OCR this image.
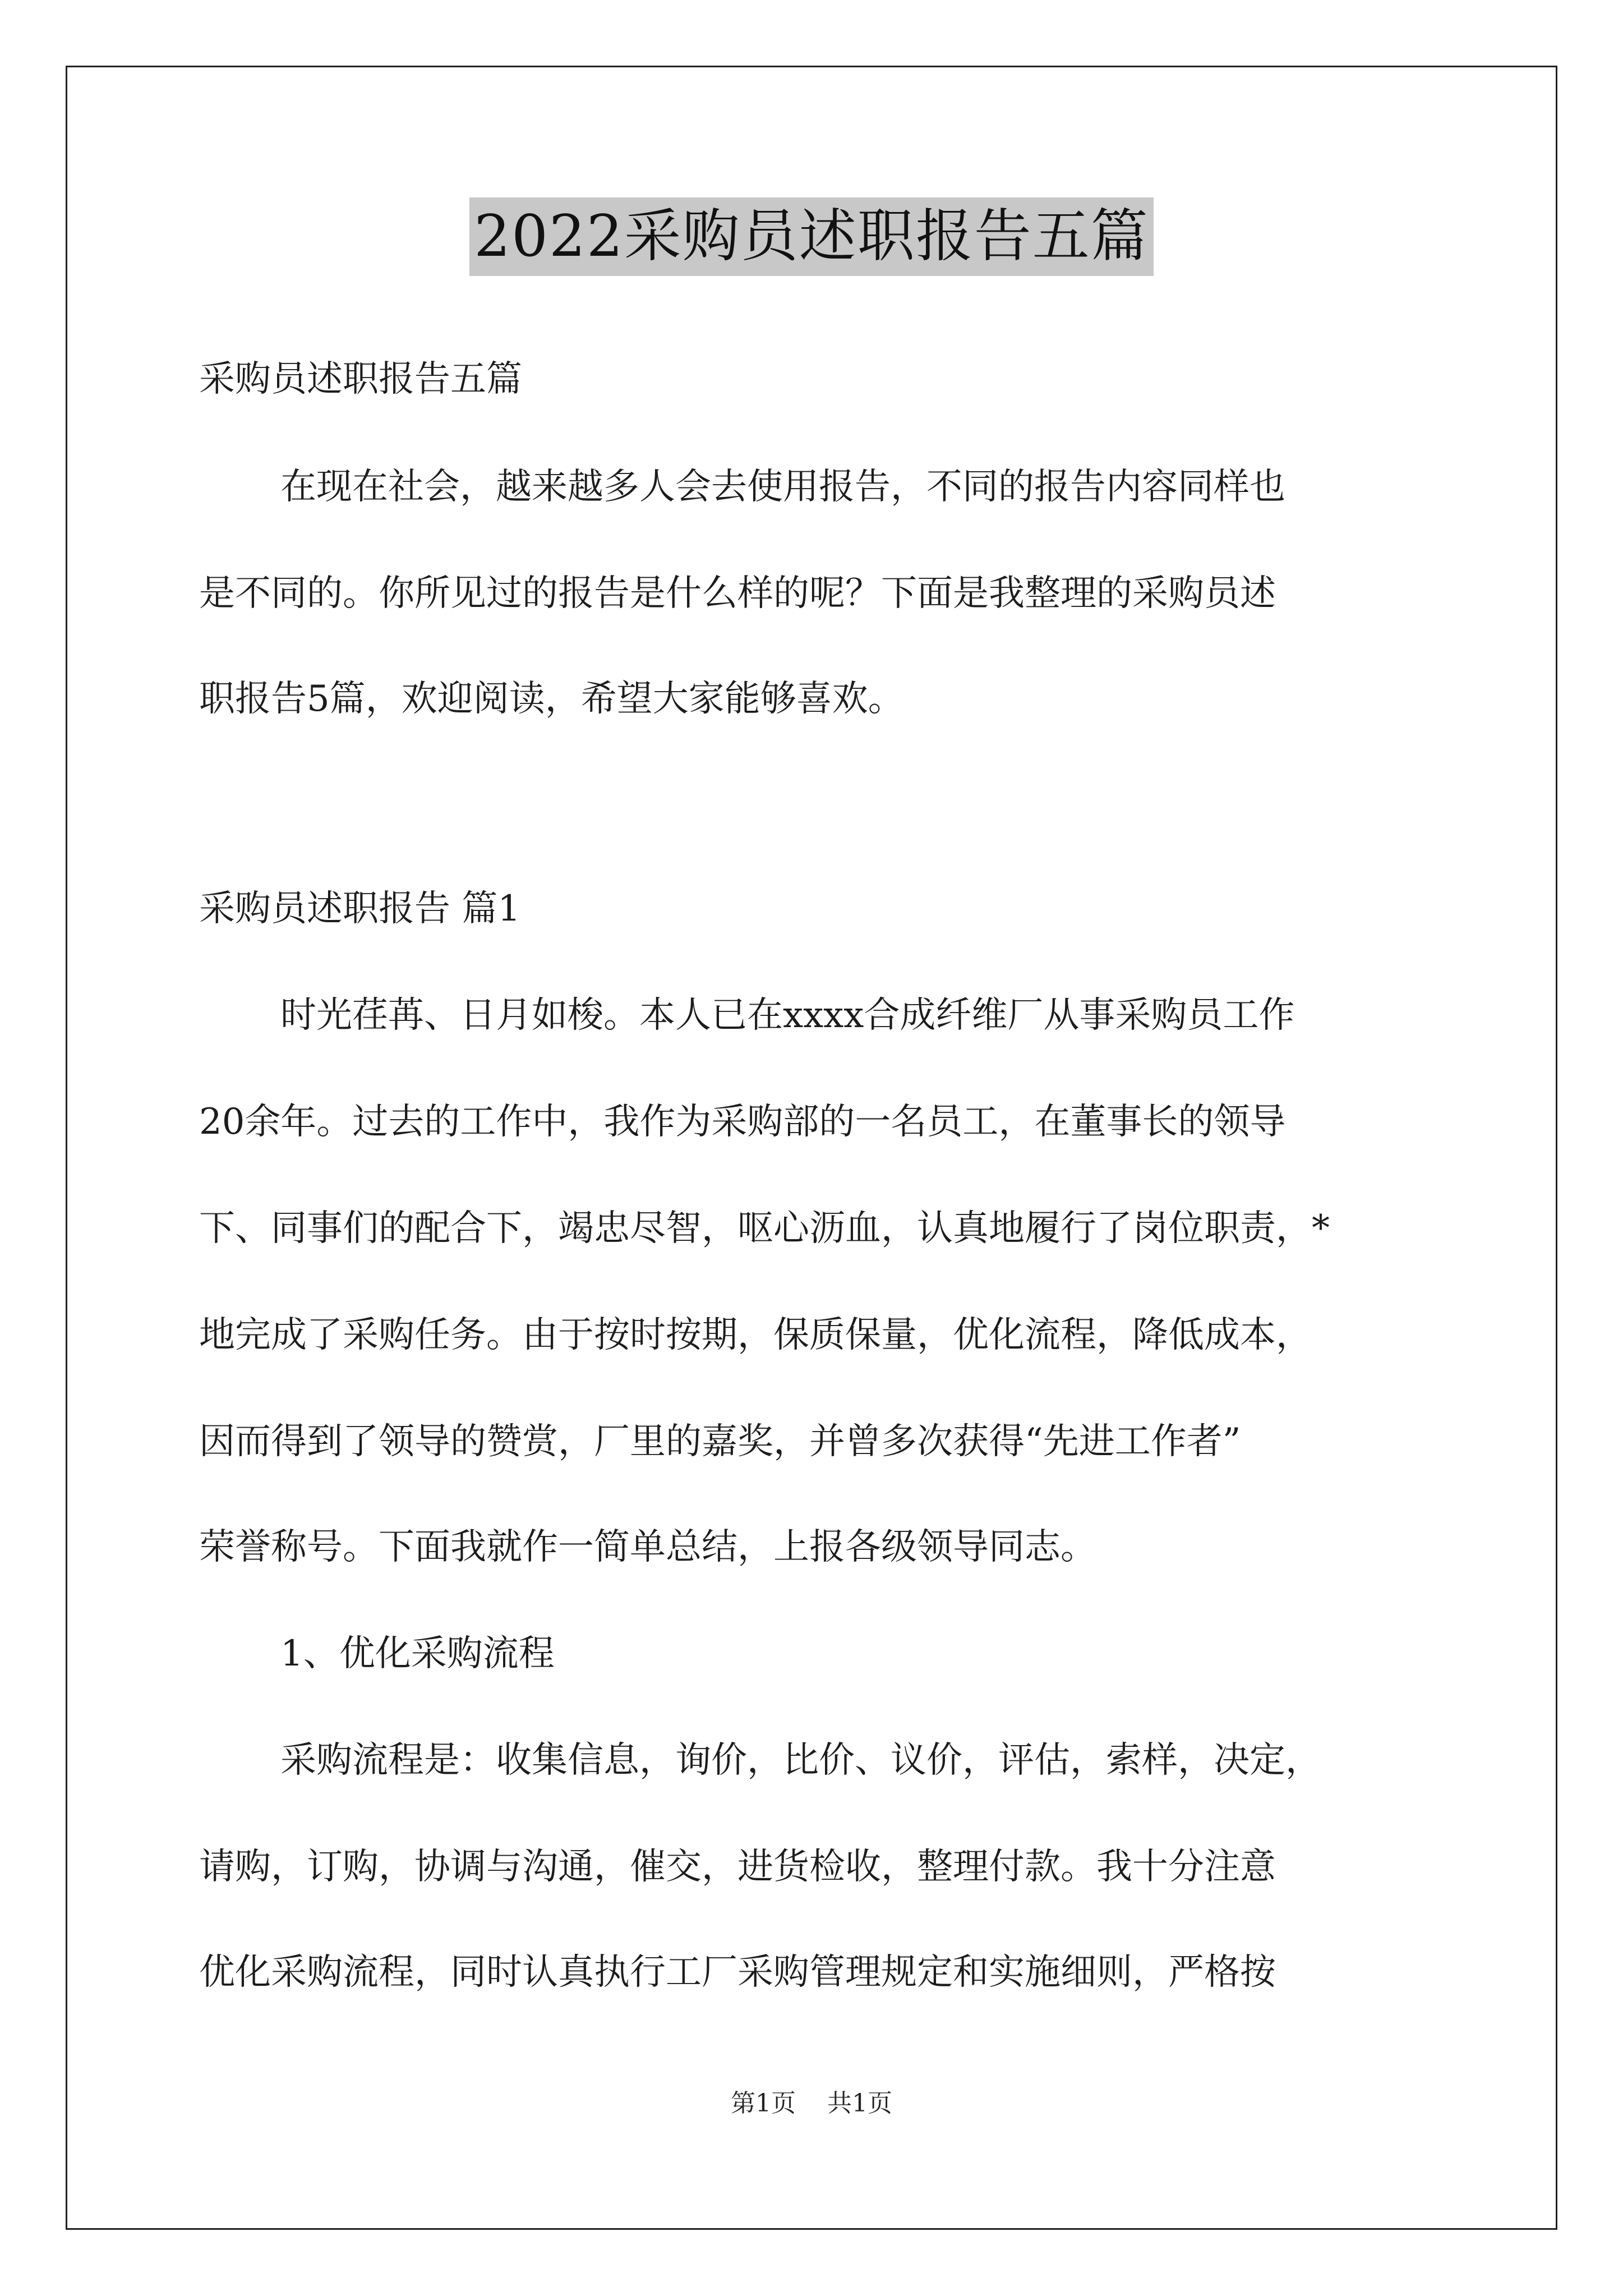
2022采购员述职报告五篇
采购员述职报告五篇
在现在社会，越来越多人会去使用报告，不同的报告内容同样也
是不同的。你所见过的报告是什么样的呢？下面是我整理的采购员述
职报告5篇，欢迎阅读，希望大家能够喜欢。
采购员述职报告 篇1
时光荏苒、日月如梭。本人已在xxxx合成纤维厂从事采购员工作
20余年。过去的工作中，我作为采购部的一名员工，在董事长的领导
下、同事们的配合下，竭忠尽智，呕心沥血，认真地履行了岗位职责，*
地完成了采购任务。由于按时按期，保质保量，优化流程，降低成本，
因而得到了领导的赞赏，厂里的嘉奖，并曾多次获得“先进工作者”
荣誉称号。下面我就作一简单总结，上报各级领导同志。
1、优化采购流程
采购流程是：收集信息，询价，比价、议价，评估，索样，决定，
请购，订购，协调与沟通，催交，进货检收，整理付款。我十分注意
优化采购流程，同时认真执行工厂采购管理规定和实施细则，严格按
第1页 共1页
